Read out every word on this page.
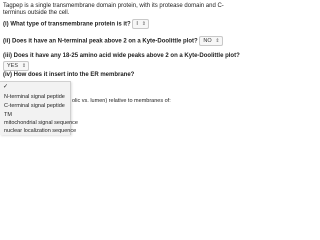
Tagpep is a single transmembrane domain protein, with its protease domain and C-
terminus outside the cell.
(i) What type of transmembrane protein is it? I ⇕
(ii) Does it have an N-terminal peak above 2 on a Kyte-Doolittle plot? NO ⇕
(iii) Does it have any 18-25 amino acid wide peaks above 2 on a Kyte-Doolittle plot?
YES ⇕
(iv) How does it insert into the ER membrane?
olic vs. lumen) relative to membranes of:
✓
N-terminal signal peptide
C-terminal signal peptide
TM
mitochondrial signal sequence
nuclear localization sequence
